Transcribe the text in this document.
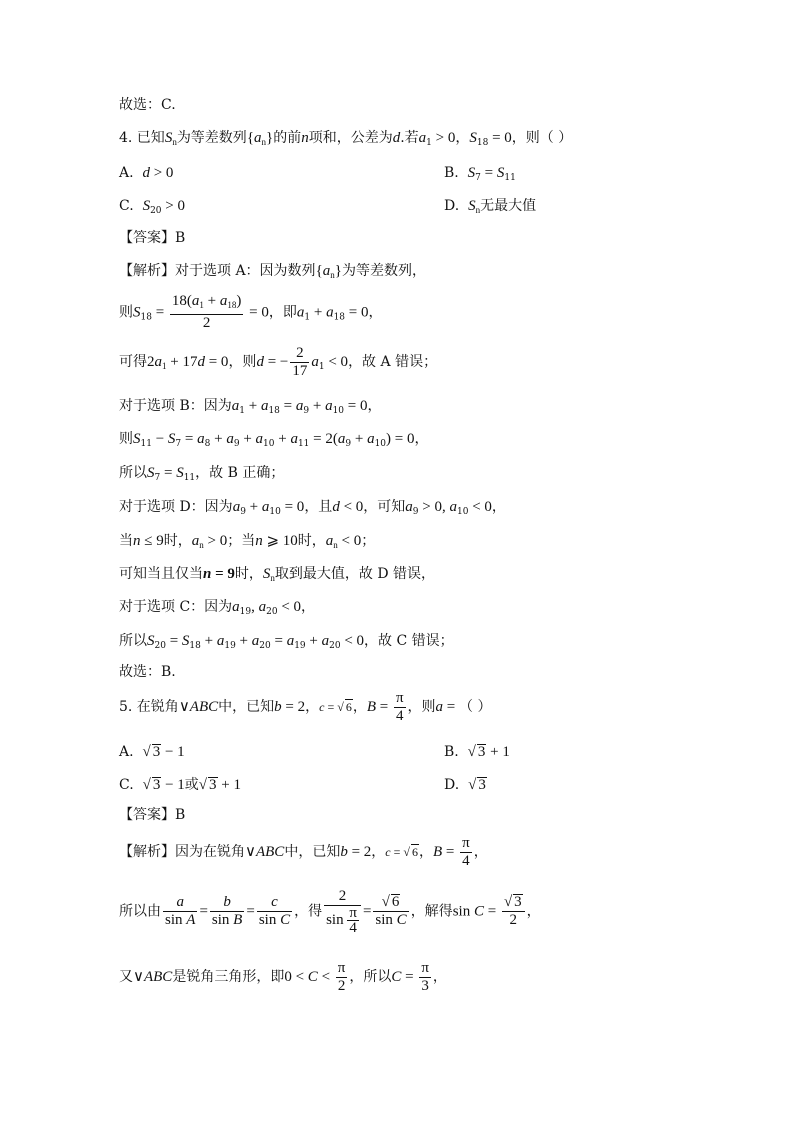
故选：C.
4. 已知$S_n$为等差数列$\{a_n\}$的前n项和，公差为d.若$a_1 > 0$，$S_{18} = 0$，则（ ）
A. d > 0	B. $S_7 = S_{11}$
C. $S_{20} > 0$	D. $S_n$无最大值
【答案】B
【解析】对于选项 A：因为数列$\{a_n\}$为等差数列，
则$S_{18} = \frac{18(a_1 + a_{18})}{2} = 0$，即$a_1 + a_{18} = 0$，
可得$2a_1 + 17d = 0$，则d = − $\frac{2}{17} a_1 < 0$，故 A 错误；
对于选项 B：因为$a_1 + a_{18} = a_9 + a_{10} = 0$，
则$S_{11} - S_7 = a_8 + a_9 + a_{10} + a_{11} = 2(a_9 + a_{10}) = 0$，
所以$S_7 = S_{11}$，故 B 正确；
对于选项 D：因为$a_9 + a_{10} = 0$，且d < 0，可知$a_9 > 0$, $a_{10} < 0$，
当n ≤ 9时，$a_n > 0$；当n ⩾ 10时，$a_n < 0$；
可知当且仅当n = 9时，$S_n$取到最大值，故 D 错误，
对于选项 C：因为$a_{19}$, $a_{20} < 0$，
所以$S_{20} = S_{18} + a_{19} + a_{20} = a_{19} + a_{20} < 0$，故 C 错误；
故选：B.
5. 在锐角∨ABC中，已知b = 2，c = √ 6，$B = \frac{\pi}{4}$ ，则a = （ ）
A. √ 3 − 1	B. √ 3 + 1
C. √ 3 − 1或√ 3 + 1	D. √ 3
【答案】B
【解析】因为在锐角∨ABC中，已知b = 2，c = √ 6，$B = \frac{\pi}{4}$ ，
所以由 $\frac{a}{\text{sin A}} = \frac{b}{\text{sin B}} = \frac{c}{\text{sin C}}$ ，得 $\frac{2}{\sin \frac{\pi}{4}} = \frac{√ 6}{\text{sin C}}$ ，解得$\sin C = \frac{√ 3}{2}$ ，
又∨ABC是锐角三角形，即$0 < C < \frac{\pi}{2}$ ，所以$C = \frac{\pi}{3}$ ，
